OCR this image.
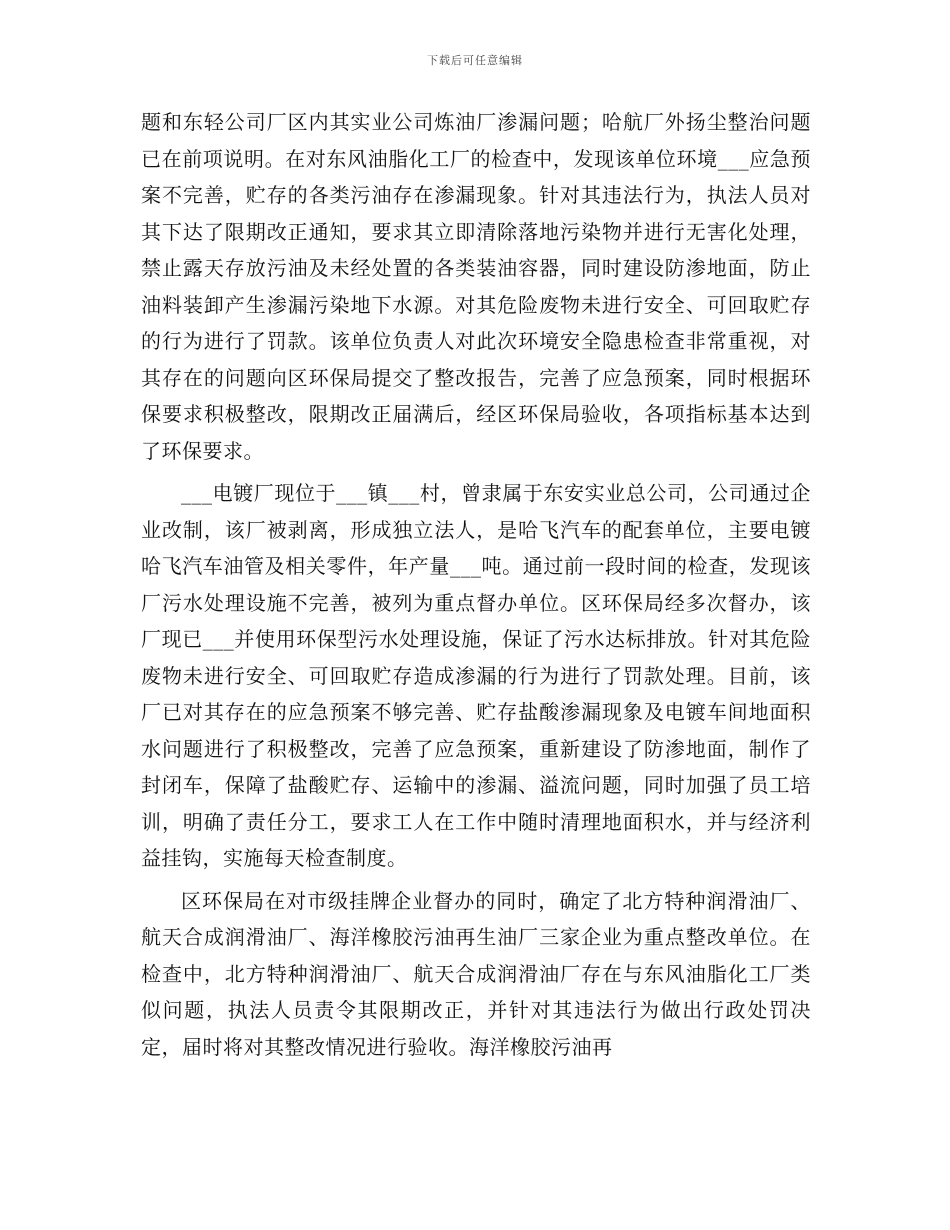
下载后可任意编辑

题和东轻公司厂区内其实业公司炼油厂渗漏问题；哈航厂外扬尘整治问题已在前项说明。在对东风油脂化工厂的检查中，发现该单位环境___应急预案不完善，贮存的各类污油存在渗漏现象。针对其违法行为，执法人员对其下达了限期改正通知，要求其立即清除落地污染物并进行无害化处理，禁止露天存放污油及未经处置的各类装油容器，同时建设防渗地面，防止油料装卸产生渗漏污染地下水源。对其危险废物未进行安全、可回取贮存的行为进行了罚款。该单位负责人对此次环境安全隐患检查非常重视，对其存在的问题向区环保局提交了整改报告，完善了应急预案，同时根据环保要求积极整改，限期改正届满后，经区环保局验收，各项指标基本达到了环保要求。

___电镀厂现位于___镇___村，曾隶属于东安实业总公司，公司通过企业改制，该厂被剥离，形成独立法人，是哈飞汽车的配套单位，主要电镀哈飞汽车油管及相关零件，年产量___吨。通过前一段时间的检查，发现该厂污水处理设施不完善，被列为重点督办单位。区环保局经多次督办，该厂现已___并使用环保型污水处理设施，保证了污水达标排放。针对其危险废物未进行安全、可回取贮存造成渗漏的行为进行了罚款处理。目前，该厂已对其存在的应急预案不够完善、贮存盐酸渗漏现象及电镀车间地面积水问题进行了积极整改，完善了应急预案，重新建设了防渗地面，制作了封闭车，保障了盐酸贮存、运输中的渗漏、溢流问题，同时加强了员工培训，明确了责任分工，要求工人在工作中随时清理地面积水，并与经济利益挂钩，实施每天检查制度。

区环保局在对市级挂牌企业督办的同时，确定了北方特种润滑油厂、航天合成润滑油厂、海洋橡胶污油再生油厂三家企业为重点整改单位。在检查中，北方特种润滑油厂、航天合成润滑油厂存在与东风油脂化工厂类似问题，执法人员责令其限期改正，并针对其违法行为做出行政处罚决定，届时将对其整改情况进行验收。海洋橡胶污油再
